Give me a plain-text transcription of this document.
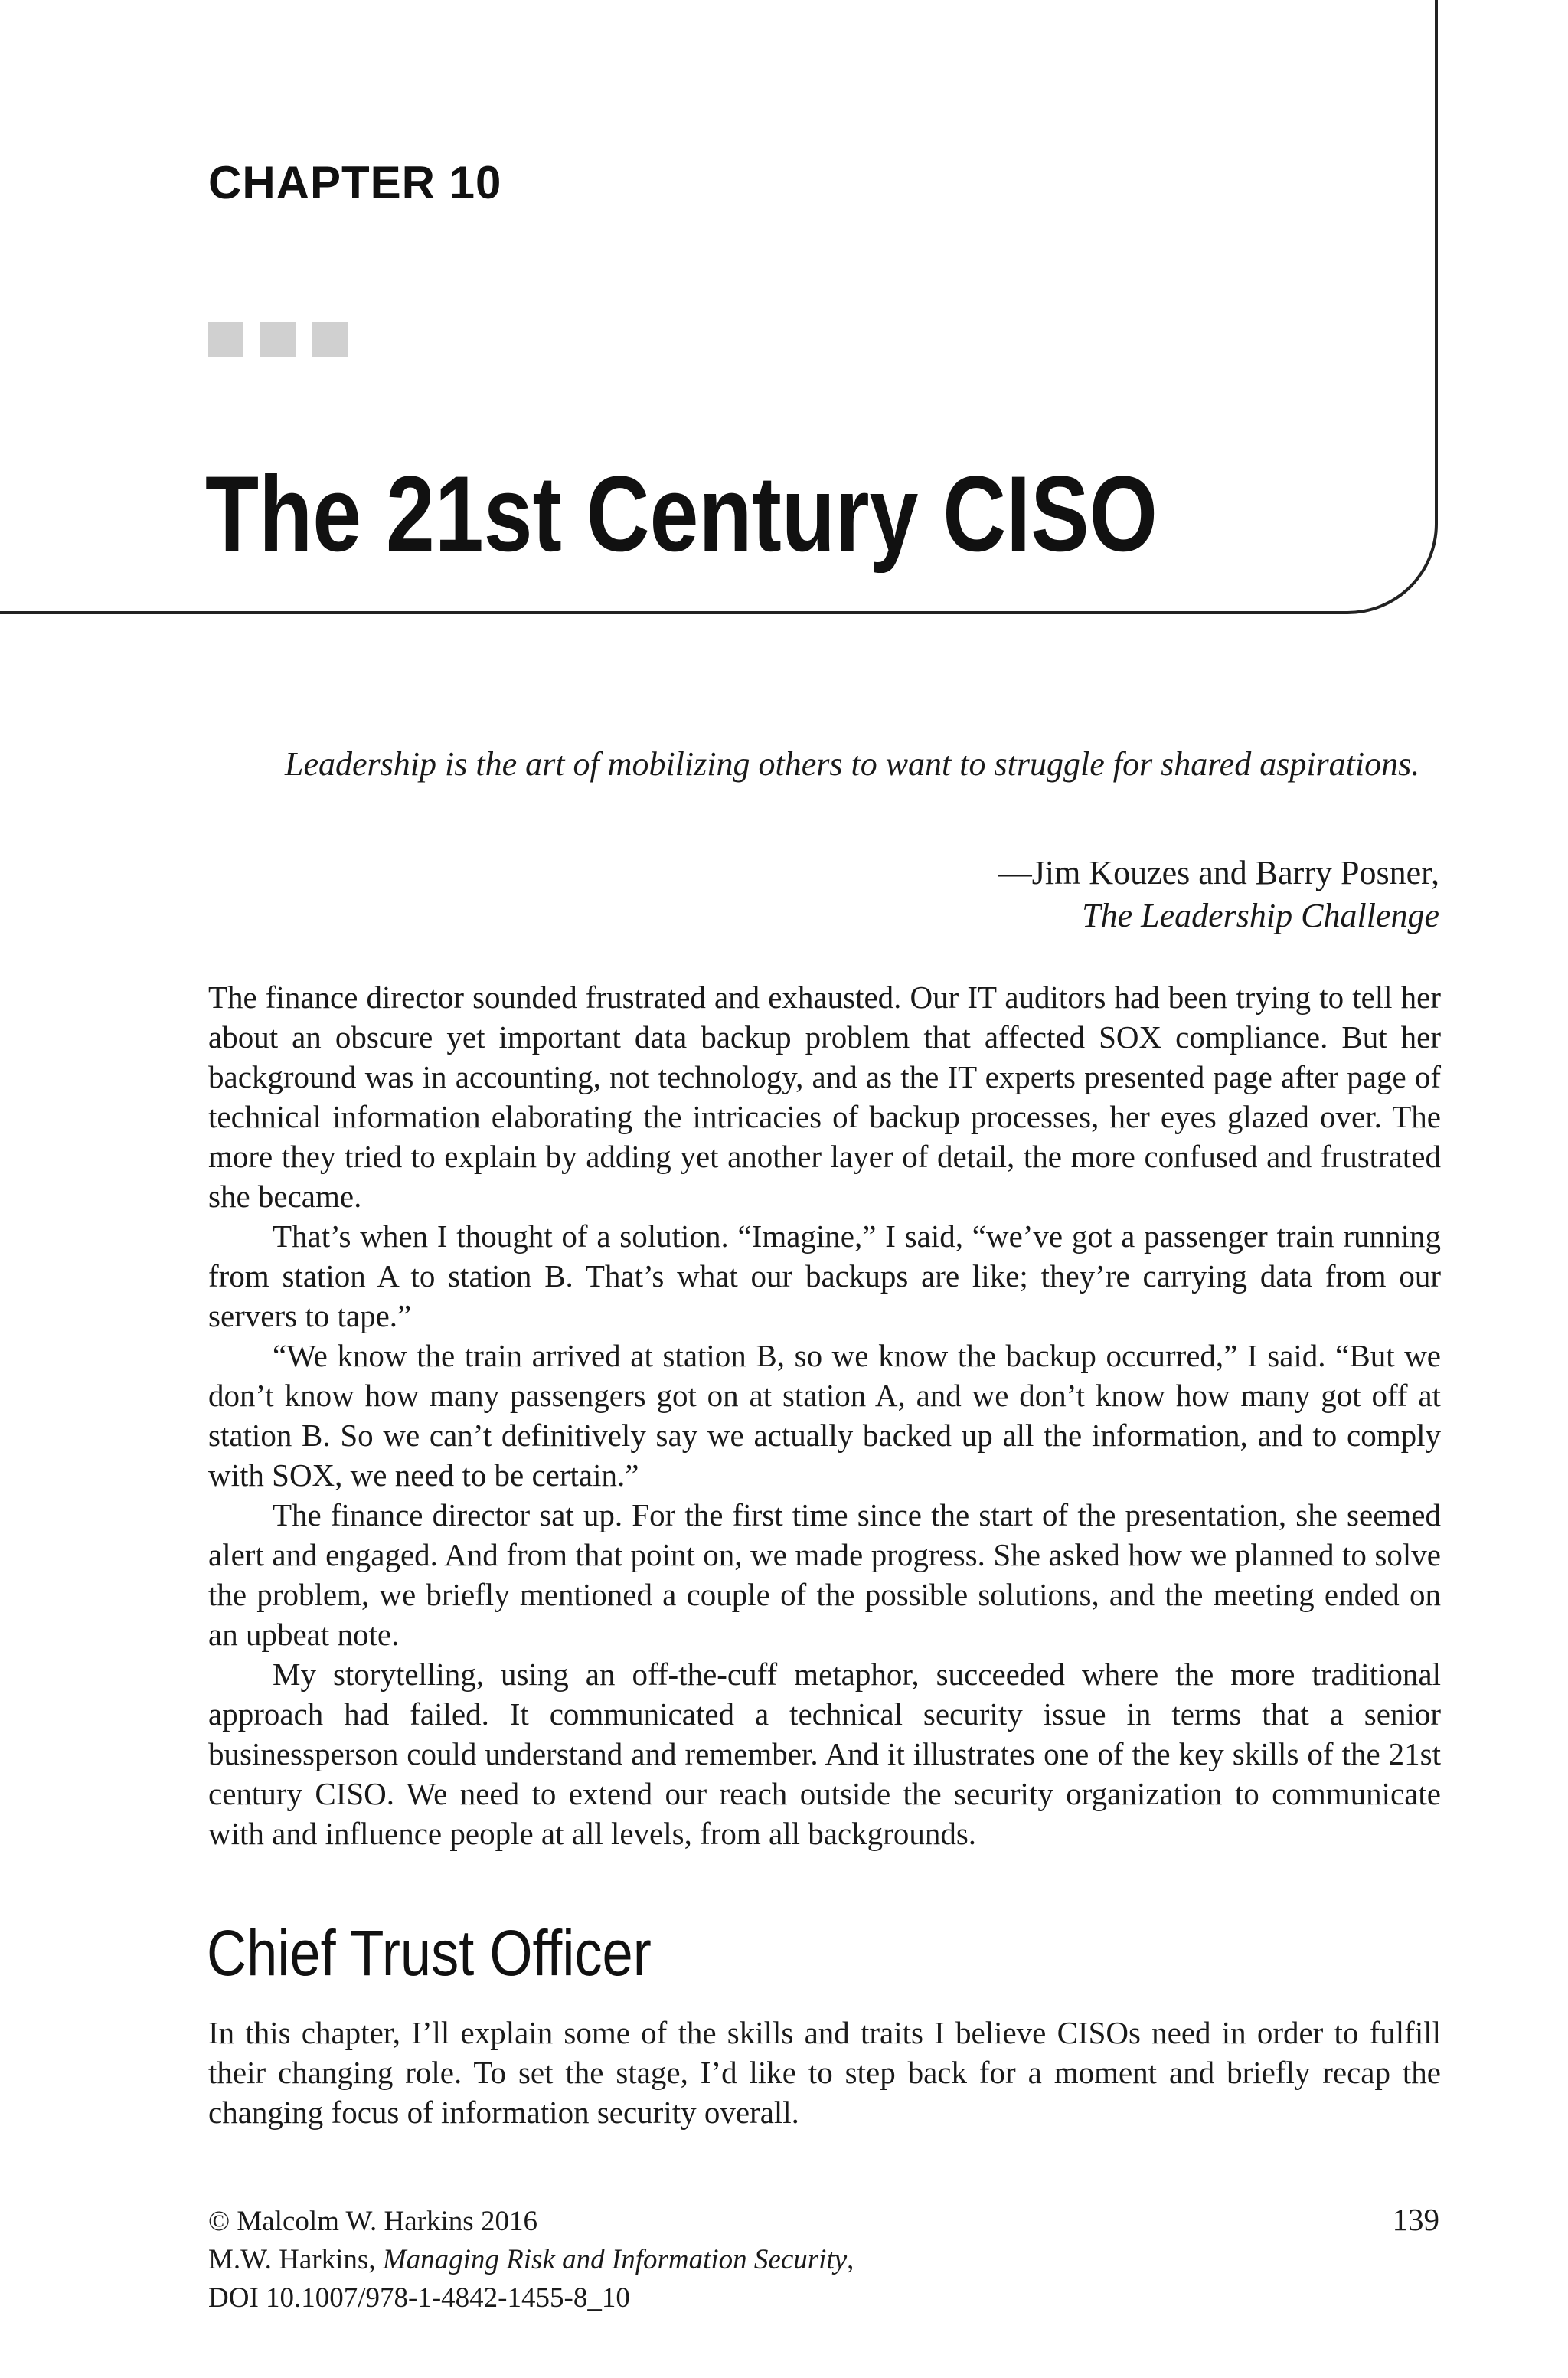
CHAPTER 10
The 21st Century CISO
Leadership is the art of mobilizing others to want to struggle for shared aspirations.
—Jim Kouzes and Barry Posner,
The Leadership Challenge

The finance director sounded frustrated and exhausted. Our IT auditors had been trying to tell her about an obscure yet important data backup problem that affected SOX compliance. But her background was in accounting, not technology, and as the IT experts presented page after page of technical information elaborating the intricacies of backup processes, her eyes glazed over. The more they tried to explain by adding yet another layer of detail, the more confused and frustrated she became.

That’s when I thought of a solution. “Imagine,” I said, “we’ve got a passenger train running from station A to station B. That’s what our backups are like; they’re carrying data from our servers to tape.”

“We know the train arrived at station B, so we know the backup occurred,” I said. “But we don’t know how many passengers got on at station A, and we don’t know how many got off at station B. So we can’t definitively say we actually backed up all the information, and to comply with SOX, we need to be certain.”

The finance director sat up. For the first time since the start of the presentation, she seemed alert and engaged. And from that point on, we made progress. She asked how we planned to solve the problem, we briefly mentioned a couple of the possible solutions, and the meeting ended on an upbeat note.

My storytelling, using an off-the-cuff metaphor, succeeded where the more traditional approach had failed. It communicated a technical security issue in terms that a senior businessperson could understand and remember. And it illustrates one of the key skills of the 21st century CISO. We need to extend our reach outside the security organization to communicate with and influence people at all levels, from all backgrounds.

Chief Trust Officer

In this chapter, I’ll explain some of the skills and traits I believe CISOs need in order to fulfill their changing role. To set the stage, I’d like to step back for a moment and briefly recap the changing focus of information security overall.

© Malcolm W. Harkins 2016
M.W. Harkins, Managing Risk and Information Security,
DOI 10.1007/978-1-4842-1455-8_10
139
